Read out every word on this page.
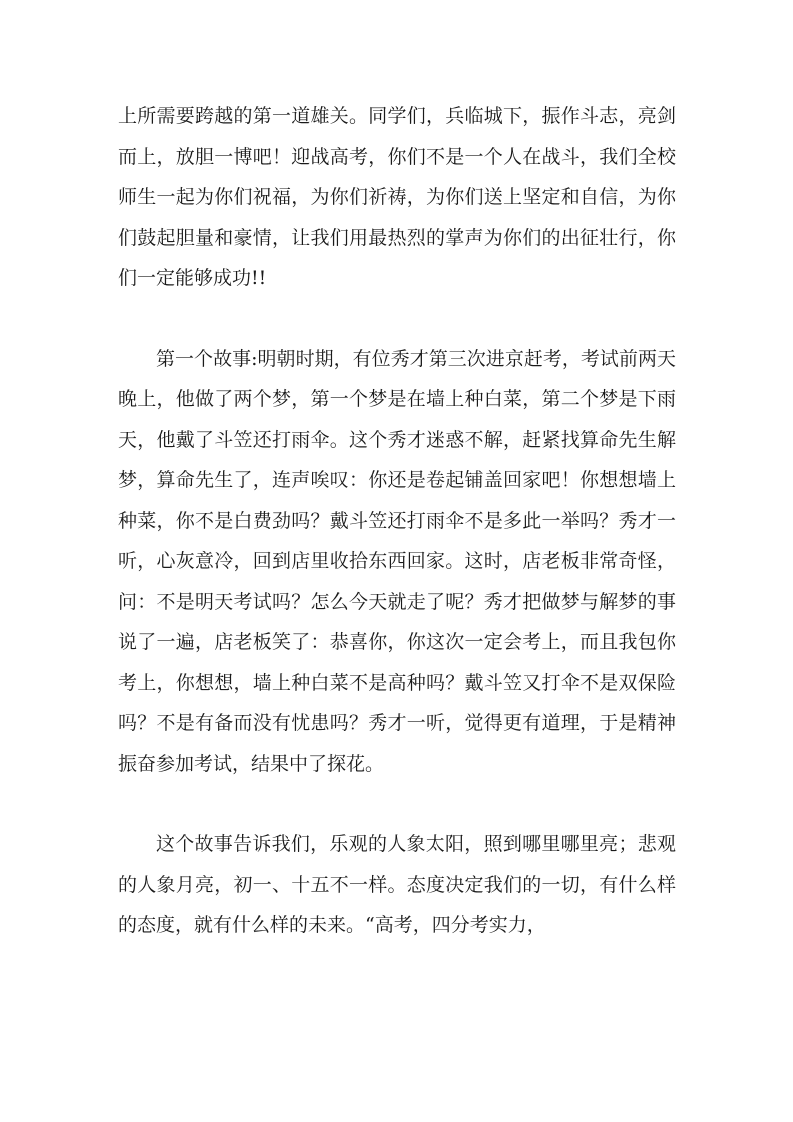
上所需要跨越的第一道雄关。同学们，兵临城下，振作斗志，亮剑而上，放胆一博吧！迎战高考，你们不是一个人在战斗，我们全校师生一起为你们祝福，为你们祈祷，为你们送上坚定和自信，为你们鼓起胆量和豪情，让我们用最热烈的掌声为你们的出征壮行，你们一定能够成功!!

第一个故事:明朝时期，有位秀才第三次进京赶考，考试前两天晚上，他做了两个梦，第一个梦是在墙上种白菜，第二个梦是下雨天，他戴了斗笠还打雨伞。这个秀才迷惑不解，赶紧找算命先生解梦，算命先生了，连声唉叹：你还是卷起铺盖回家吧！你想想墙上种菜，你不是白费劲吗？戴斗笠还打雨伞不是多此一举吗？秀才一听，心灰意冷，回到店里收拾东西回家。这时，店老板非常奇怪，问：不是明天考试吗？怎么今天就走了呢？秀才把做梦与解梦的事说了一遍，店老板笑了：恭喜你，你这次一定会考上，而且我包你考上，你想想，墙上种白菜不是高种吗？戴斗笠又打伞不是双保险吗？不是有备而没有忧患吗？秀才一听，觉得更有道理，于是精神振奋参加考试，结果中了探花。

这个故事告诉我们，乐观的人象太阳，照到哪里哪里亮；悲观的人象月亮，初一、十五不一样。态度决定我们的一切，有什么样的态度，就有什么样的未来。“高考，四分考实力，
